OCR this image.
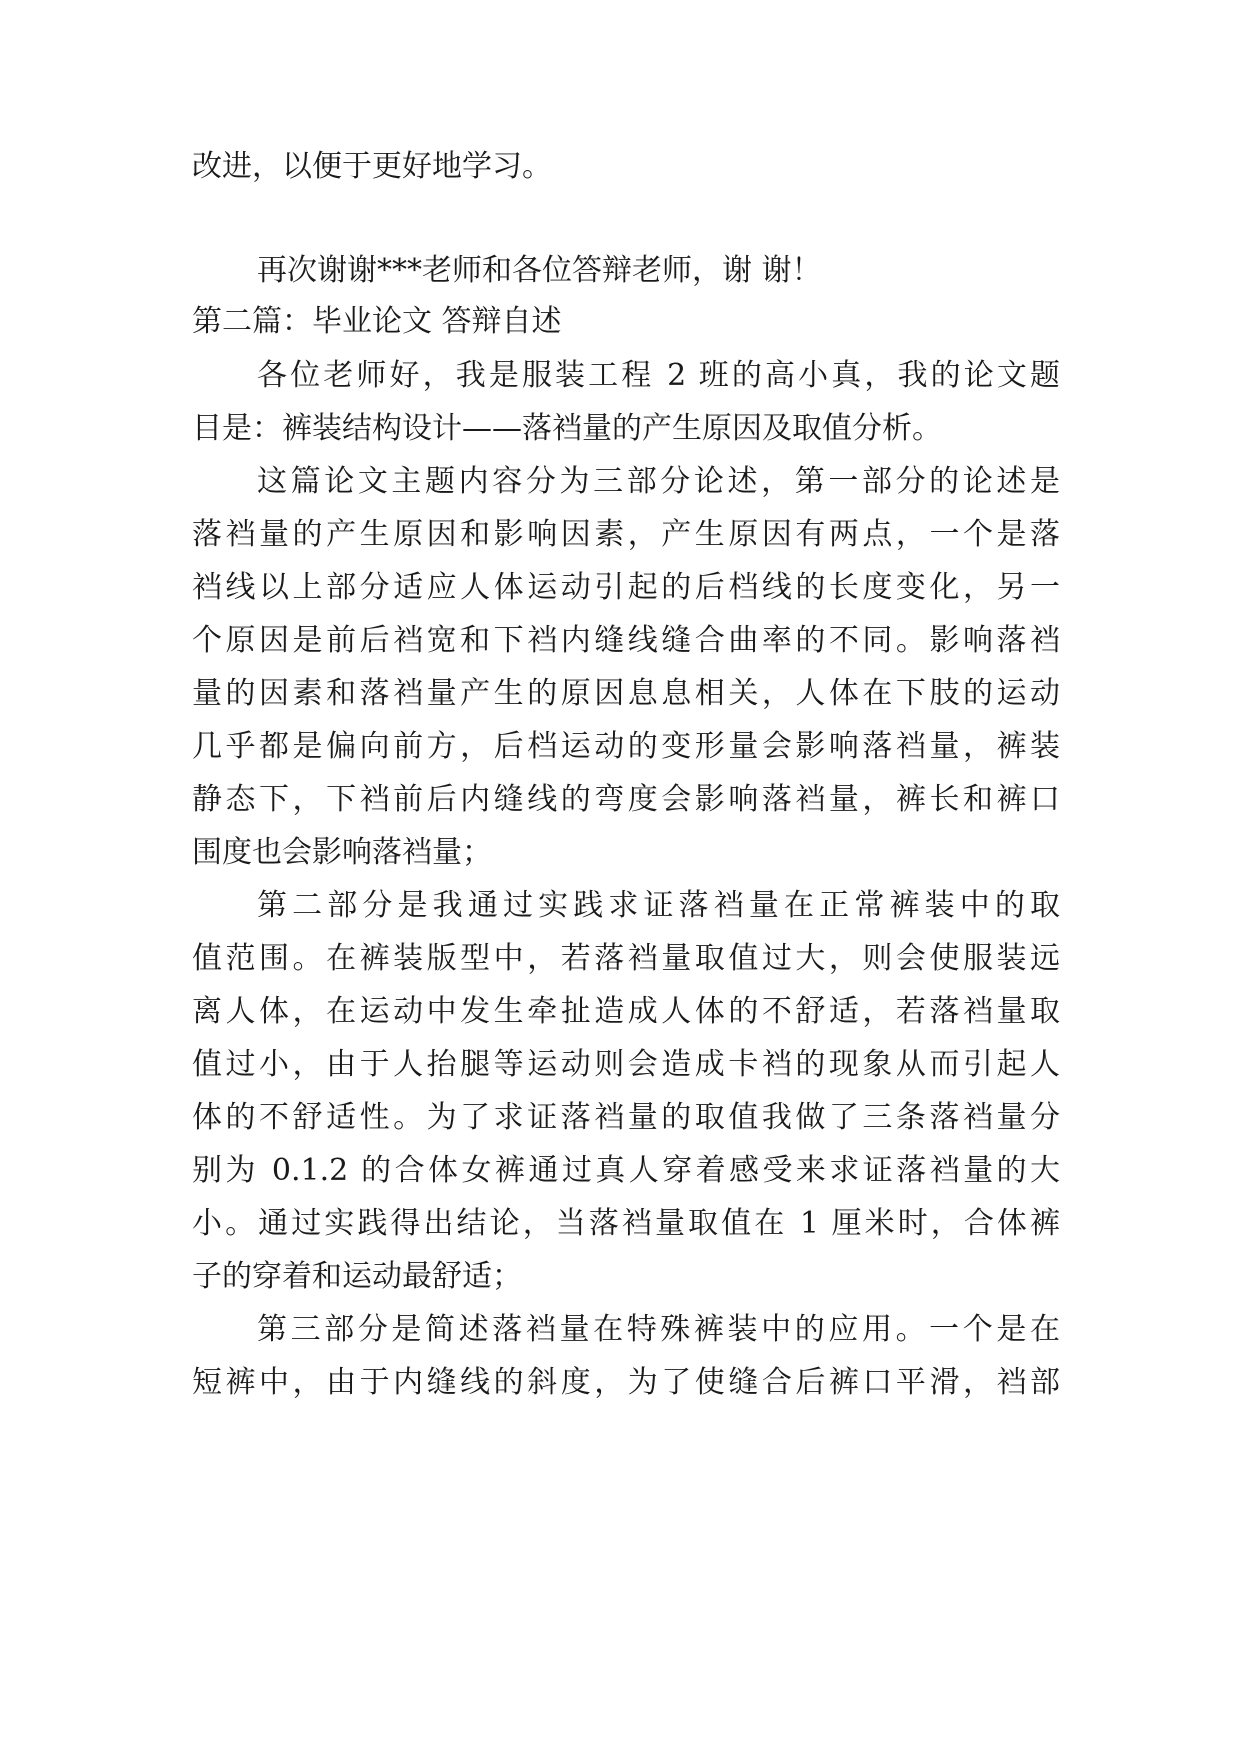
改进，以便于更好地学习。
再次谢谢***老师和各位答辩老师，谢 谢！
第二篇：毕业论文 答辩自述
各位老师好，我是服装工程 2 班的高小真，我的论文题
目是：裤装结构设计——落裆量的产生原因及取值分析。
这篇论文主题内容分为三部分论述，第一部分的论述是
落裆量的产生原因和影响因素，产生原因有两点，一个是落
裆线以上部分适应人体运动引起的后档线的长度变化，另一
个原因是前后裆宽和下裆内缝线缝合曲率的不同。影响落裆
量的因素和落裆量产生的原因息息相关，人体在下肢的运动
几乎都是偏向前方，后档运动的变形量会影响落裆量，裤装
静态下，下裆前后内缝线的弯度会影响落裆量，裤长和裤口
围度也会影响落裆量；
第二部分是我通过实践求证落裆量在正常裤装中的取
值范围。在裤装版型中，若落裆量取值过大，则会使服装远
离人体，在运动中发生牵扯造成人体的不舒适，若落裆量取
值过小，由于人抬腿等运动则会造成卡裆的现象从而引起人
体的不舒适性。为了求证落裆量的取值我做了三条落裆量分
别为 0.1.2 的合体女裤通过真人穿着感受来求证落裆量的大
小。通过实践得出结论，当落裆量取值在 1 厘米时，合体裤
子的穿着和运动最舒适；
第三部分是简述落裆量在特殊裤装中的应用。一个是在
短裤中，由于内缝线的斜度，为了使缝合后裤口平滑，裆部
